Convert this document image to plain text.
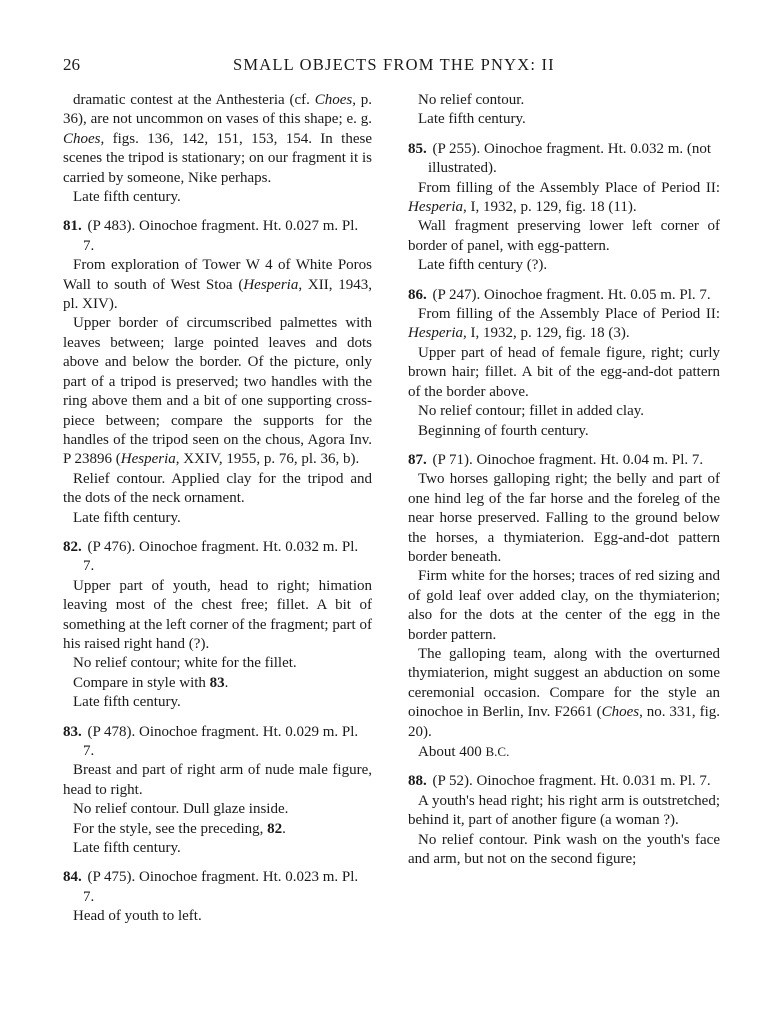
26	SMALL OBJECTS FROM THE PNYX: II

dramatic contest at the Anthesteria (cf. Choes, p. 36), are not uncommon on vases of this shape; e. g. Choes, figs. 136, 142, 151, 153, 154. In these scenes the tripod is stationary; on our fragment it is carried by someone, Nike perhaps.

Late fifth century.

81. (P 483). Oinochoe fragment. Ht. 0.027 m. Pl. 7.

From exploration of Tower W 4 of White Poros Wall to south of West Stoa (Hesperia, XII, 1943, pl. XIV).

Upper border of circumscribed palmettes with leaves between; large pointed leaves and dots above and below the border. Of the picture, only part of a tripod is preserved; two handles with the ring above them and a bit of one supporting cross-piece between; compare the supports for the handles of the tripod seen on the chous, Agora Inv. P 23896 (Hesperia, XXIV, 1955, p. 76, pl. 36, b).

Relief contour. Applied clay for the tripod and the dots of the neck ornament.

Late fifth century.

82. (P 476). Oinochoe fragment. Ht. 0.032 m. Pl. 7.

Upper part of youth, head to right; himation leaving most of the chest free; fillet. A bit of something at the left corner of the fragment; part of his raised right hand (?).

No relief contour; white for the fillet.

Compare in style with 83.

Late fifth century.

83. (P 478). Oinochoe fragment. Ht. 0.029 m. Pl. 7.

Breast and part of right arm of nude male figure, head to right.

No relief contour. Dull glaze inside.

For the style, see the preceding, 82.

Late fifth century.

84. (P 475). Oinochoe fragment. Ht. 0.023 m. Pl. 7.

Head of youth to left.

No relief contour.

Late fifth century.

85. (P 255). Oinochoe fragment. Ht. 0.032 m. (not illustrated).

From filling of the Assembly Place of Period II: Hesperia, I, 1932, p. 129, fig. 18 (11).

Wall fragment preserving lower left corner of border of panel, with egg-pattern.

Late fifth century (?).

86. (P 247). Oinochoe fragment. Ht. 0.05 m. Pl. 7.

From filling of the Assembly Place of Period II: Hesperia, I, 1932, p. 129, fig. 18 (3).

Upper part of head of female figure, right; curly brown hair; fillet. A bit of the egg-and-dot pattern of the border above.

No relief contour; fillet in added clay.

Beginning of fourth century.

87. (P 71). Oinochoe fragment. Ht. 0.04 m. Pl. 7.

Two horses galloping right; the belly and part of one hind leg of the far horse and the foreleg of the near horse preserved. Falling to the ground below the horses, a thymiaterion. Egg-and-dot pattern border beneath.

Firm white for the horses; traces of red sizing and of gold leaf over added clay, on the thymiaterion; also for the dots at the center of the egg in the border pattern.

The galloping team, along with the overturned thymiaterion, might suggest an abduction on some ceremonial occasion. Compare for the style an oinochoe in Berlin, Inv. F2661 (Choes, no. 331, fig. 20).

About 400 B.C.

88. (P 52). Oinochoe fragment. Ht. 0.031 m. Pl. 7.

A youth's head right; his right arm is outstretched; behind it, part of another figure (a woman ?).

No relief contour. Pink wash on the youth's face and arm, but not on the second figure;
